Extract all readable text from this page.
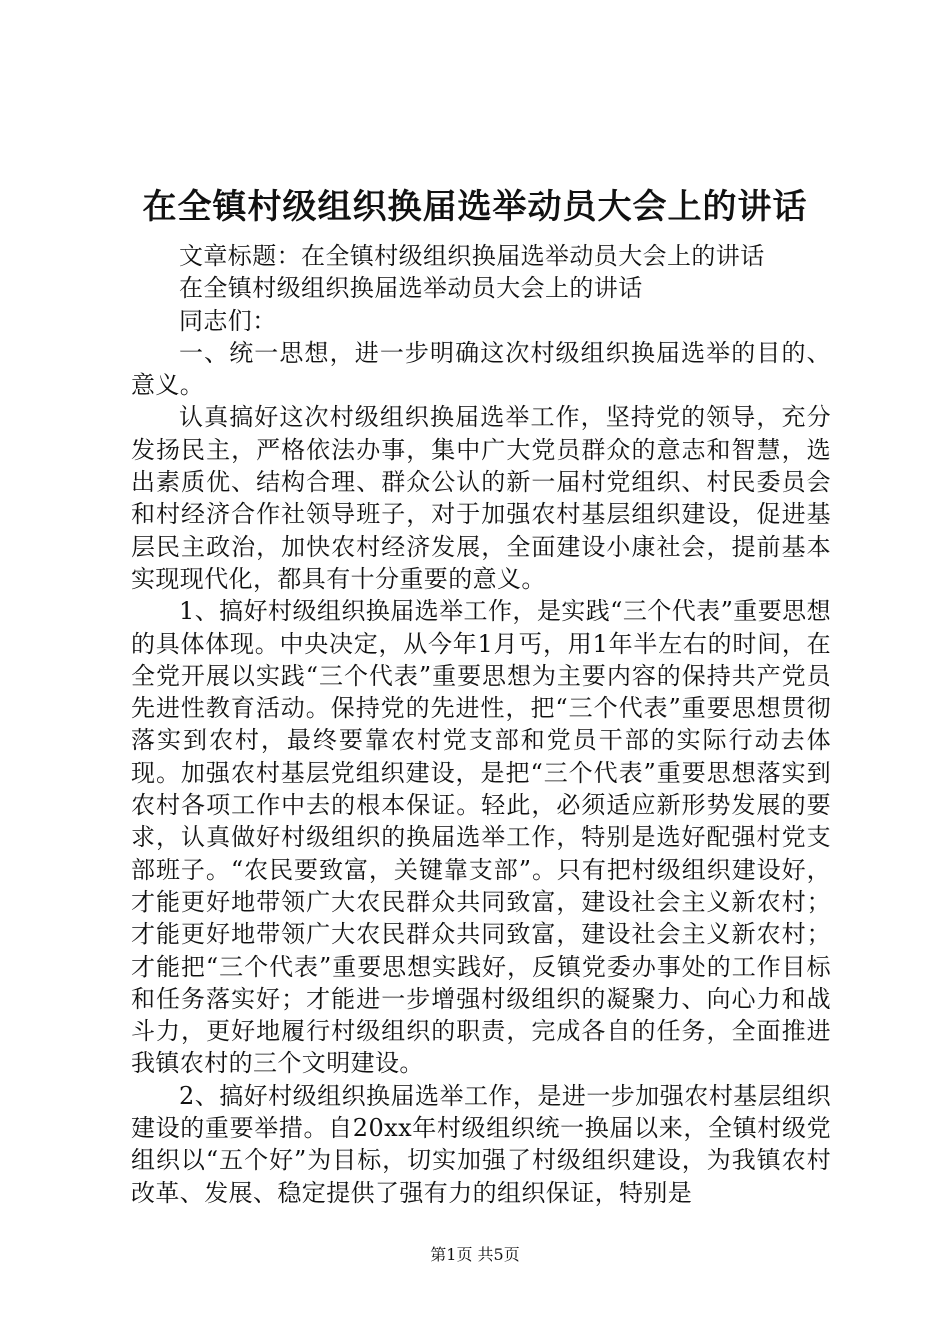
在全镇村级组织换届选举动员大会上的讲话

文章标题：在全镇村级组织换届选举动员大会上的讲话

在全镇村级组织换届选举动员大会上的讲话

同志们：

一、统一思想，进一步明确这次村级组织换届选举的目的、意义。

认真搞好这次村级组织换届选举工作，坚持党的领导，充分发扬民主，严格依法办事，集中广大党员群众的意志和智慧，选出素质优、结构合理、群众公认的新一届村党组织、村民委员会和村经济合作社领导班子，对于加强农村基层组织建设，促进基层民主政治，加快农村经济发展，全面建设小康社会，提前基本实现现代化，都具有十分重要的意义。

1、搞好村级组织换届选举工作，是实践“三个代表”重要思想的具体体现。中央决定，从今年1月丐，用1年半左右的时间，在全党开展以实践“三个代表”重要思想为主要内容的保持共产党员先进性教育活动。保持党的先进性，把“三个代表”重要思想贯彻落实到农村，最终要靠农村党支部和党员干部的实际行动去体现。加强农村基层党组织建设，是把“三个代表”重要思想落实到农村各项工作中去的根本保证。轻此，必须适应新形势发展的要求，认真做好村级组织的换届选举工作，特别是选好配强村党支部班子。“农民要致富，关键靠支部”。只有把村级组织建设好，才能更好地带领广大农民群众共同致富，建设社会主义新农村；才能更好地带领广大农民群众共同致富，建设社会主义新农村；才能把“三个代表”重要思想实践好，反镇党委办事处的工作目标和任务落实好；才能进一步增强村级组织的凝聚力、向心力和战斗力，更好地履行村级组织的职责，完成各自的任务，全面推进我镇农村的三个文明建设。

2、搞好村级组织换届选举工作，是进一步加强农村基层组织建设的重要举措。自20xx年村级组织统一换届以来，全镇村级党组织以“五个好”为目标，切实加强了村级组织建设，为我镇农村改革、发展、稳定提供了强有力的组织保证，特别是

第1页 共5页
